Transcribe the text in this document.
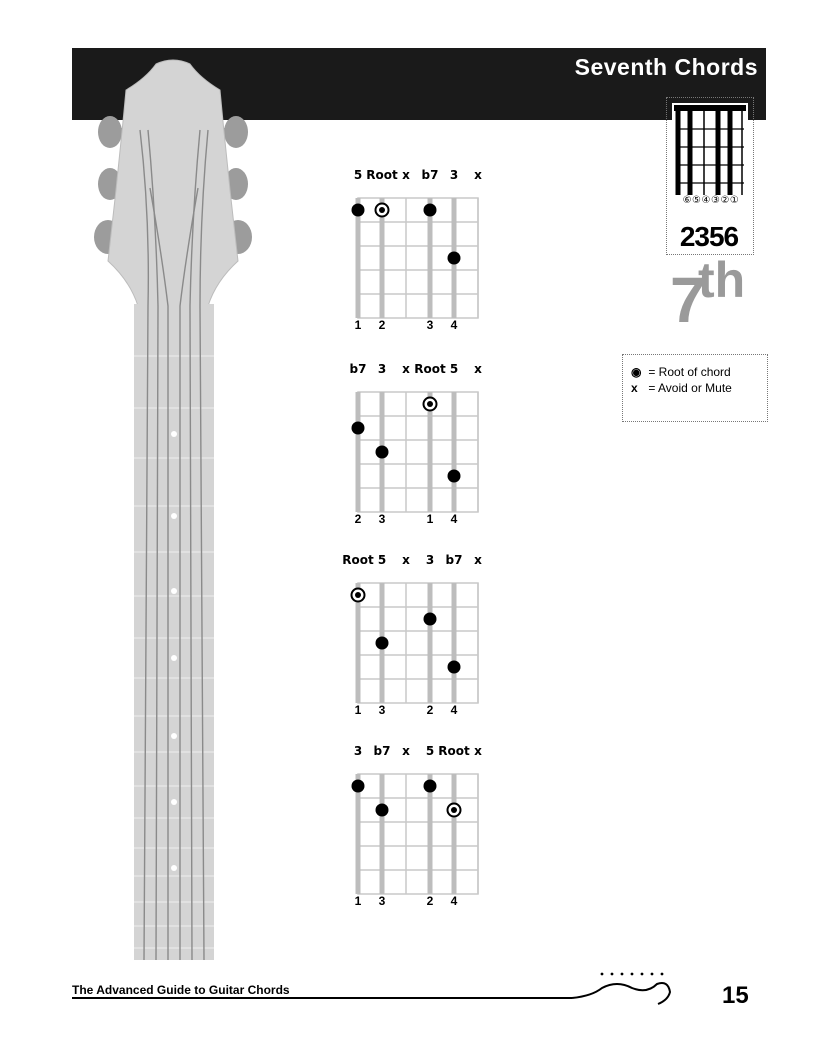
Seventh Chords
5 Root x b7 3 x
1 2	3 4
b7 3 x Root 5 x
2 3	1 4
Root 5 x 3 b7 x
1 3	2 4
3 b7 x 5 Root x
1 3	2 4
⑥⑤④③②①
2356
7
th
◉ = Root of chord
x = Avoid or Mute
The Advanced Guide to Guitar Chords	15
